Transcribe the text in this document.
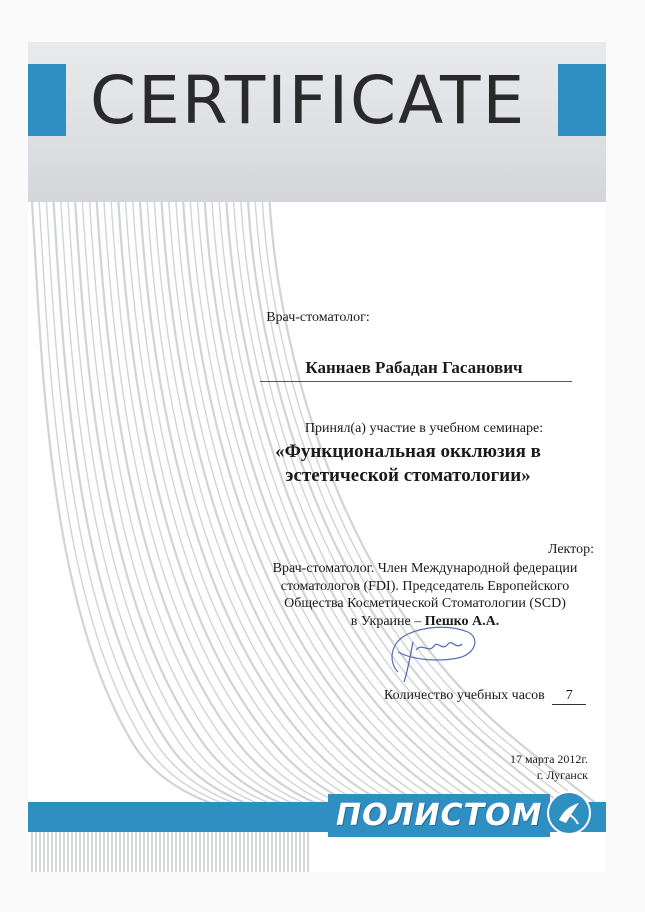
CERTIFICATE
ПОЛИСТОМ
Врач-стоматолог:
Каннаев Рабадан Гасанович
Принял(а) участие в учебном семинаре:
«Функциональная окклюзия в
эстетической стоматологии»
Лектор:
Врач-стоматолог. Член Международной федерации
стоматологов (FDI). Председатель Европейского
Общества Косметической Стоматологии (SCD)
в Украине – Пешко А.А.
Количество учебных часов 7
17 марта 2012г.
г. Луганск
